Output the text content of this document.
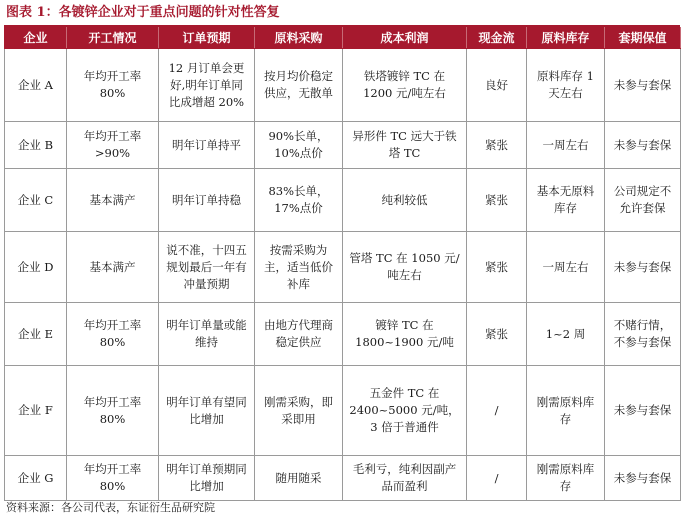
图表 1：各镀锌企业对于重点问题的针对性答复
企业	开工情况	订单预期	原料采购	成本利润	现金流	原料库存	套期保值
企业 A	年均开工率80%	12 月订单会更好,明年订单同比成增超 20%	按月均价稳定供应，无散单	铁塔镀锌 TC 在 1200 元/吨左右	良好	原料库存 1 天左右	未参与套保
企业 B	年均开工率>90%	明年订单持平	90%长单，10%点价	异形件 TC 远大于铁塔 TC	紧张	一周左右	未参与套保
企业 C	基本满产	明年订单持稳	83%长单，17%点价	纯利较低	紧张	基本无原料库存	公司规定不允许套保
企业 D	基本满产	说不准，十四五规划最后一年有冲量预期	按需采购为主，适当低价补库	管塔 TC 在 1050 元/吨左右	紧张	一周左右	未参与套保
企业 E	年均开工率80%	明年订单量或能维持	由地方代理商稳定供应	镀锌 TC 在1800~1900 元/吨	紧张	1~2 周	不赌行情，不参与套保
企业 F	年均开工率80%	明年订单有望同比增加	刚需采购，即采即用	五金件 TC 在2400~5000 元/吨，3 倍于普通件	/	刚需原料库存	未参与套保
企业 G	年均开工率80%	明年订单预期同比增加	随用随采	毛利亏，纯利因副产品而盈利	/	刚需原料库存	未参与套保
资料来源：各公司代表，东证衍生品研究院
